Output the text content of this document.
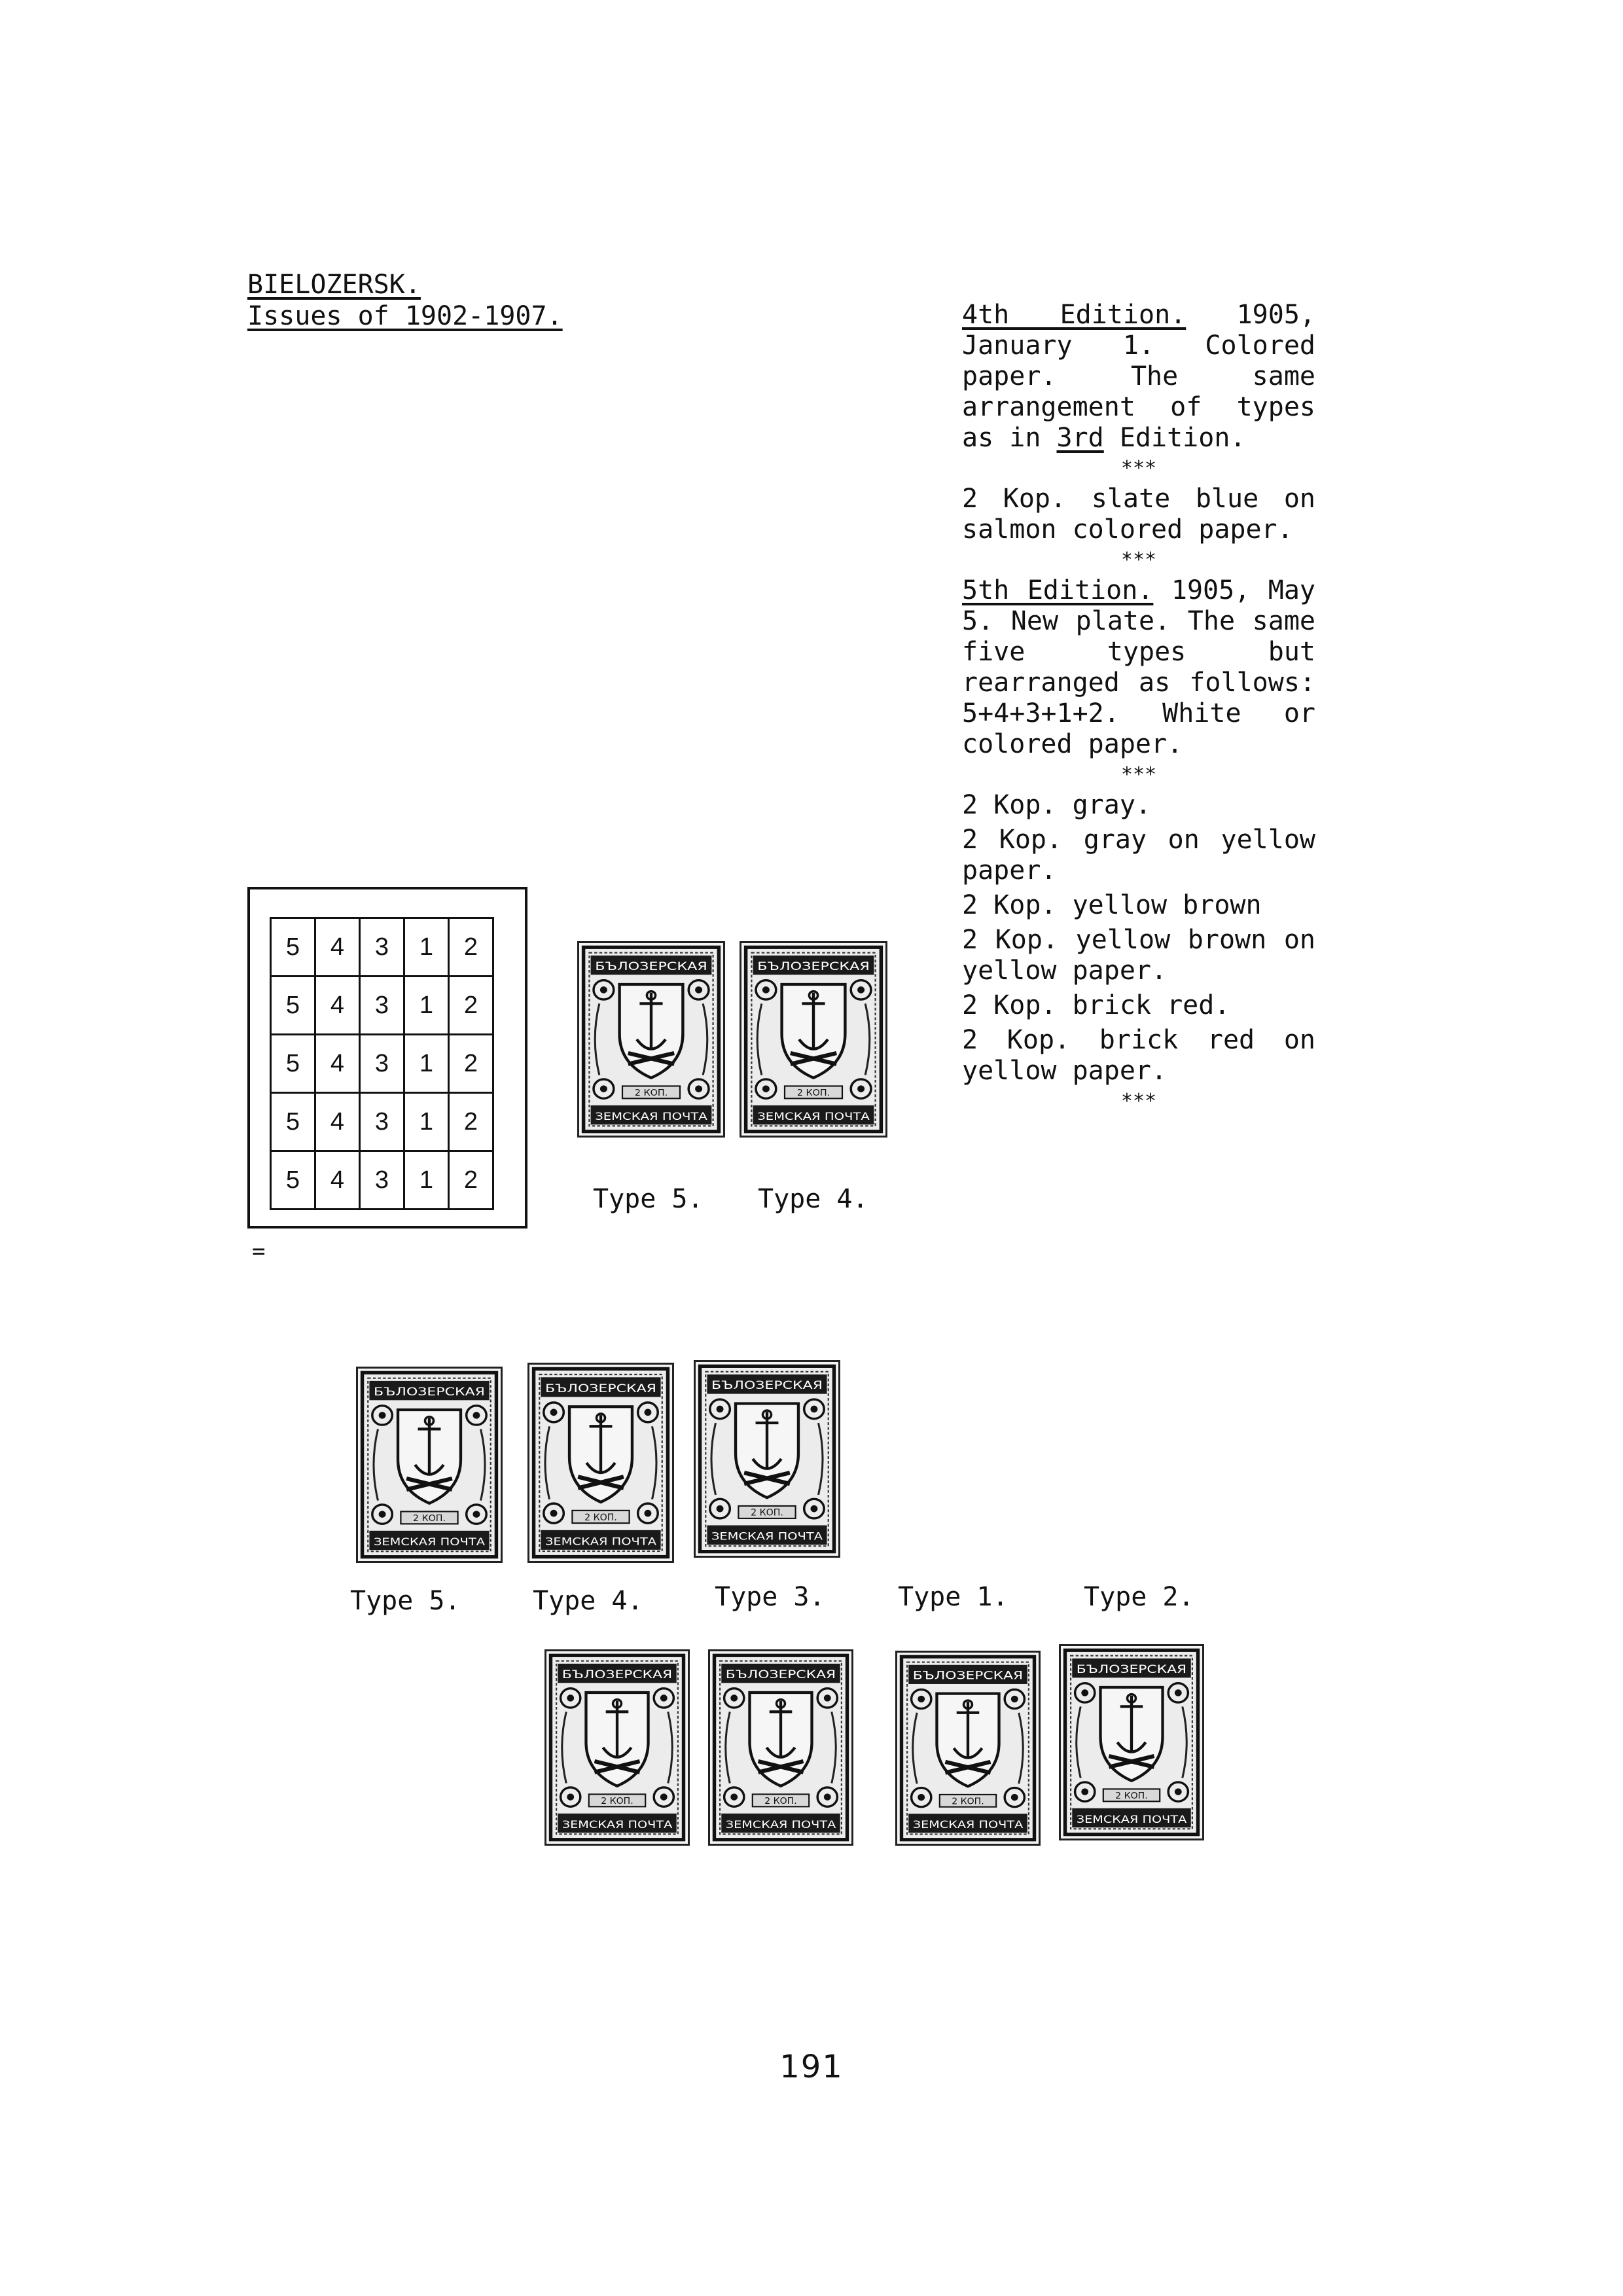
BIELOZERSK.
Issues of 1902-1907.	4th Edition. 1905, January 1. Colored paper. The same arrangement of types as in 3rd Edition.
***
2 Kop. slate blue on salmon colored paper.
***
5th Edition. 1905, May 5. New plate. The same five types but rearranged as follows: 5+4+3+1+2. White or colored paper.
***
2 Kop. gray.
2 Kop. gray on yellow paper.
2 Kop. yellow brown
2 Kop. yellow brown on yellow paper.
2 Kop. brick red.
2 Kop. brick red on yellow paper.
***
5	4	3	1	2
5	4	3	1	2
5	4	3	1	2
5	4	3	1	2
5	4	3	1	2
=
БЪЛОЗЕРСКАЯ
2 КОП.
ЗЕМСКАЯ ПОЧТА
БЪЛОЗЕРСКАЯ
2 КОП.
ЗЕМСКАЯ ПОЧТА
Type 5. Type 4.
БЪЛОЗЕРСКАЯ
2 КОП.
ЗЕМСКАЯ ПОЧТА
БЪЛОЗЕРСКАЯ
2 КОП.
ЗЕМСКАЯ ПОЧТА
БЪЛОЗЕРСКАЯ
2 КОП.
ЗЕМСКАЯ ПОЧТА
Type 5.	Type 4.	Type 3.	Type 1.	Type 2.
БЪЛОЗЕРСКАЯ
2 КОП.
ЗЕМСКАЯ ПОЧТА
БЪЛОЗЕРСКАЯ
2 КОП.
ЗЕМСКАЯ ПОЧТА
БЪЛОЗЕРСКАЯ
2 КОП.
ЗЕМСКАЯ ПОЧТА
БЪЛОЗЕРСКАЯ
2 КОП.
ЗЕМСКАЯ ПОЧТА
191
